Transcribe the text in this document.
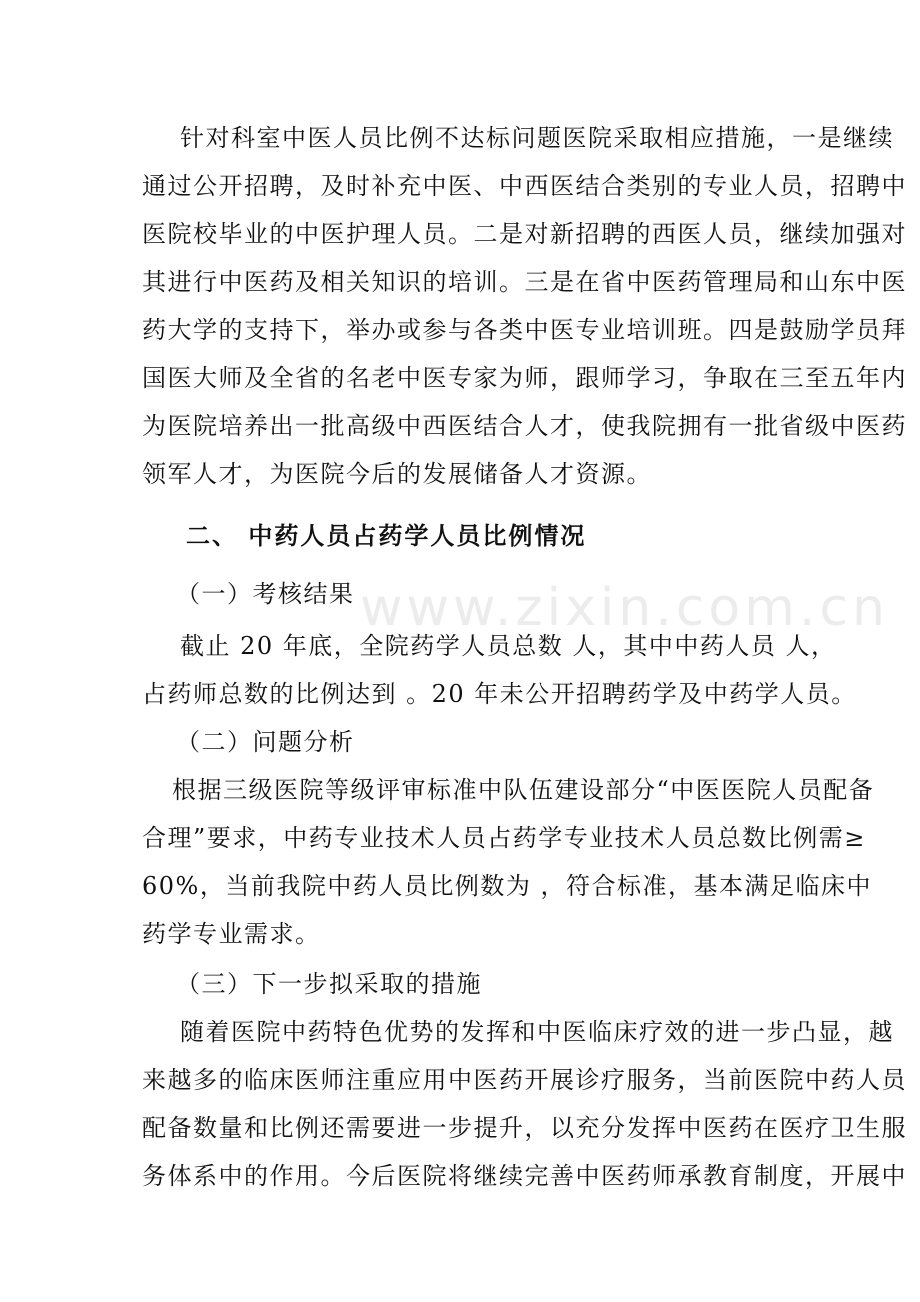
www.zixin.com.cn
针对科室中医人员比例不达标问题医院采取相应措施，一是继续
通过公开招聘，及时补充中医、中西医结合类别的专业人员，招聘中
医院校毕业的中医护理人员。二是对新招聘的西医人员，继续加强对
其进行中医药及相关知识的培训。三是在省中医药管理局和山东中医
药大学的支持下，举办或参与各类中医专业培训班。四是鼓励学员拜
国医大师及全省的名老中医专家为师，跟师学习，争取在三至五年内
为医院培养出一批高级中西医结合人才，使我院拥有一批省级中医药
领军人才，为医院今后的发展储备人才资源。
二、 中药人员占药学人员比例情况
（一）考核结果
截止 20 年底，全院药学人员总数 人，其中中药人员 人，
占药师总数的比例达到 。20 年未公开招聘药学及中药学人员。
（二）问题分析
根据三级医院等级评审标准中队伍建设部分“中医医院人员配备
合理”要求，中药专业技术人员占药学专业技术人员总数比例需≥
60%，当前我院中药人员比例数为 ，符合标准，基本满足临床中
药学专业需求。
（三）下一步拟采取的措施
随着医院中药特色优势的发挥和中医临床疗效的进一步凸显，越
来越多的临床医师注重应用中医药开展诊疗服务，当前医院中药人员
配备数量和比例还需要进一步提升，以充分发挥中医药在医疗卫生服
务体系中的作用。今后医院将继续完善中医药师承教育制度，开展中
